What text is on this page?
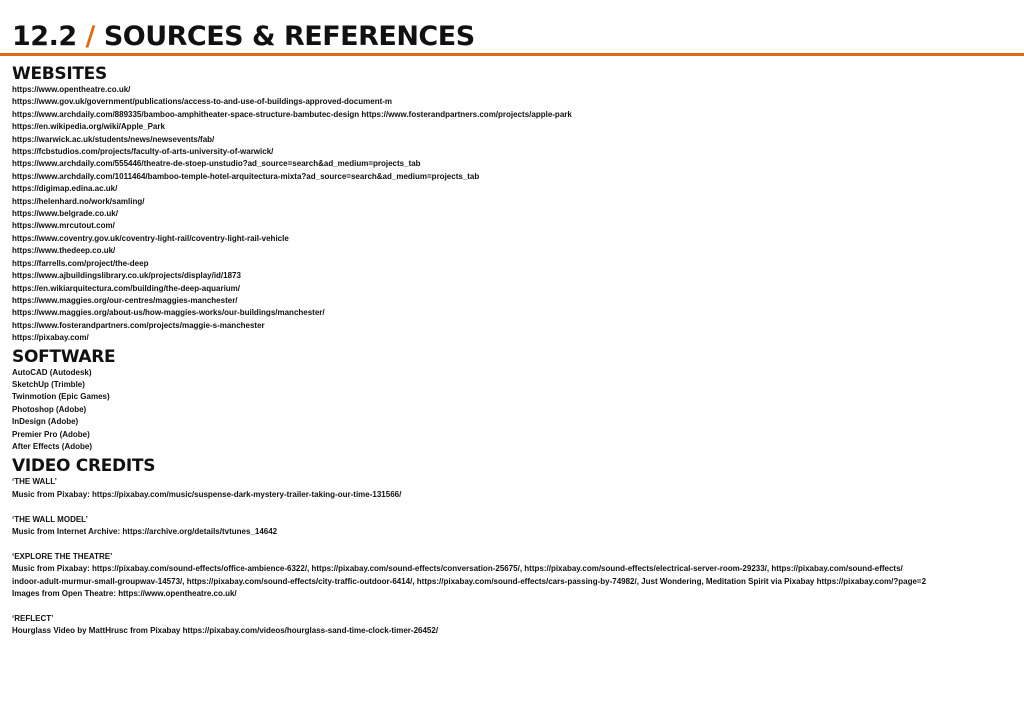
12.2 / SOURCES & REFERENCES
WEBSITES
https://www.opentheatre.co.uk/
https://www.gov.uk/government/publications/access-to-and-use-of-buildings-approved-document-m
https://www.archdaily.com/889335/bamboo-amphitheater-space-structure-bambutec-design https://www.fosterandpartners.com/projects/apple-park
https://en.wikipedia.org/wiki/Apple_Park
https://warwick.ac.uk/students/news/newsevents/fab/
https://fcbstudios.com/projects/faculty-of-arts-university-of-warwick/
https://www.archdaily.com/555446/theatre-de-stoep-unstudio?ad_source=search&ad_medium=projects_tab
https://www.archdaily.com/1011464/bamboo-temple-hotel-arquitectura-mixta?ad_source=search&ad_medium=projects_tab
https://digimap.edina.ac.uk/
https://helenhard.no/work/samling/
https://www.belgrade.co.uk/
https://www.mrcutout.com/
https://www.coventry.gov.uk/coventry-light-rail/coventry-light-rail-vehicle
https://www.thedeep.co.uk/
https://farrells.com/project/the-deep
https://www.ajbuildingslibrary.co.uk/projects/display/id/1873
https://en.wikiarquitectura.com/building/the-deep-aquarium/
https://www.maggies.org/our-centres/maggies-manchester/
https://www.maggies.org/about-us/how-maggies-works/our-buildings/manchester/
https://www.fosterandpartners.com/projects/maggie-s-manchester
https://pixabay.com/
SOFTWARE
AutoCAD (Autodesk)
SketchUp (Trimble)
Twinmotion (Epic Games)
Photoshop (Adobe)
InDesign (Adobe)
Premier Pro (Adobe)
After Effects (Adobe)
VIDEO CREDITS
‘THE WALL’
Music from Pixabay: https://pixabay.com/music/suspense-dark-mystery-trailer-taking-our-time-131566/
‘THE WALL MODEL’
Music from Internet Archive: https://archive.org/details/tvtunes_14642
‘EXPLORE THE THEATRE’
Music from Pixabay: https://pixabay.com/sound-effects/office-ambience-6322/, https://pixabay.com/sound-effects/conversation-25675/, https://pixabay.com/sound-effects/electrical-server-room-29233/, https://pixabay.com/sound-effects/
indoor-adult-murmur-small-groupwav-14573/, https://pixabay.com/sound-effects/city-traffic-outdoor-6414/, https://pixabay.com/sound-effects/cars-passing-by-74982/, Just Wondering, Meditation Spirit via Pixabay https://pixabay.com/?page=2
Images from Open Theatre: https://www.opentheatre.co.uk/
‘REFLECT’
Hourglass Video by MattHrusc from Pixabay https://pixabay.com/videos/hourglass-sand-time-clock-timer-26452/
